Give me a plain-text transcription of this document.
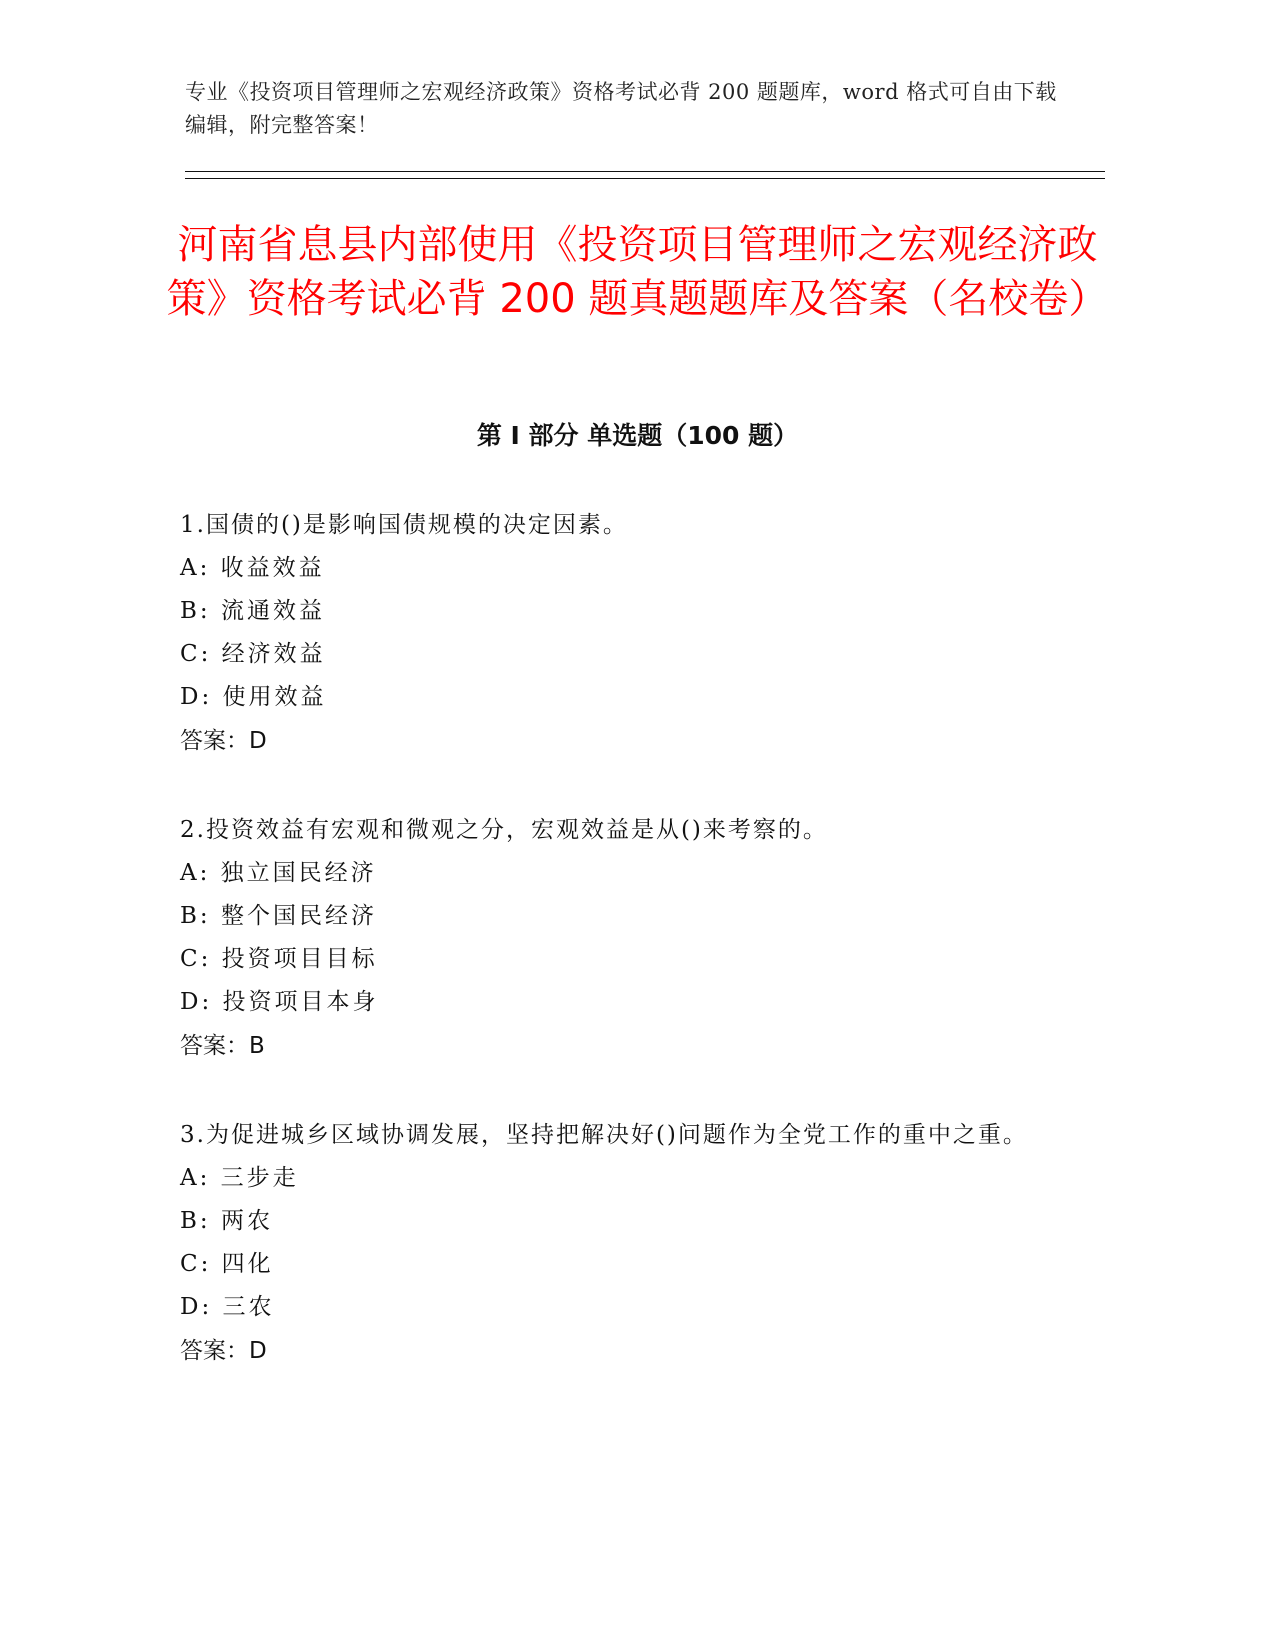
专业《投资项目管理师之宏观经济政策》资格考试必背 200 题题库，word 格式可自由下载编辑，附完整答案！
河南省息县内部使用《投资项目管理师之宏观经济政策》资格考试必背 200 题真题题库及答案（名校卷）
第 I 部分 单选题（100 题）

1.国债的()是影响国债规模的决定因素。

A: 收益效益

B: 流通效益

C: 经济效益

D: 使用效益

答案：D

2.投资效益有宏观和微观之分，宏观效益是从()来考察的。

A: 独立国民经济

B: 整个国民经济

C: 投资项目目标

D: 投资项目本身

答案：B

3.为促进城乡区域协调发展，坚持把解决好()问题作为全党工作的重中之重。

A: 三步走

B: 两农

C: 四化

D: 三农

答案：D
